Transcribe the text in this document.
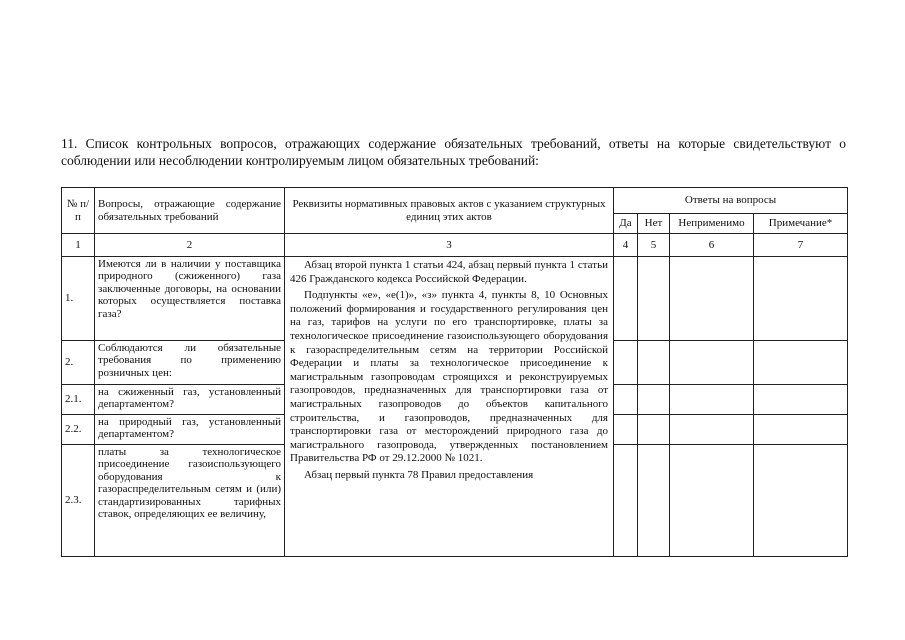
11. Список контрольных вопросов, отражающих содержание обязательных требований, ответы на которые свидетельствуют о соблюдении или несоблюдении контролируемым лицом обязательных требований:
№ п/п	Вопросы, отражающие содержание обязательных требований	Реквизиты нормативных правовых актов с указанием структурных единиц этих актов	Ответы на вопросы			
			Да	Нет	Неприменимо	Примечание*
1	2	3	4	5	6	7
1.	Имеются ли в наличии у поставщика природного (сжиженного) газа заключенные договоры, на основании которых осуществляется поставка газа?	Абзац второй пункта 1 статьи 424, абзац первый пункта 1 статьи 426 Гражданского кодекса Российской Федерации.

Подпункты «е», «е(1)», «з» пункта 4, пункты 8, 10 Основных положений формирования и государственного регулирования цен на газ, тарифов на услуги по его транспортировке, платы за технологическое присоединение газоиспользующего оборудования к газораспределительным сетям на территории Российской Федерации и платы за технологическое присоединение к магистральным газопроводам строящихся и реконструируемых газопроводов, предназначенных для транспортировки газа от магистральных газопроводов до объектов капитального строительства, и газопроводов, предназначенных для транспортировки газа от месторождений природного газа до магистрального газопровода, утвержденных постановлением Правительства РФ от 29.12.2000 № 1021.

Абзац первый пункта 78 Правил предоставления				

2.	Соблюдаются ли обязательные требования по применению розничных цен:					
2.1.	на сжиженный газ, установленный департаментом?					
2.2.	на природный газ, установленный департаментом?					
2.3.	платы за технологическое присоединение газоиспользующего оборудования к газораспределительным сетям и (или) стандартизированных тарифных ставок, определяющих ее величину,					
